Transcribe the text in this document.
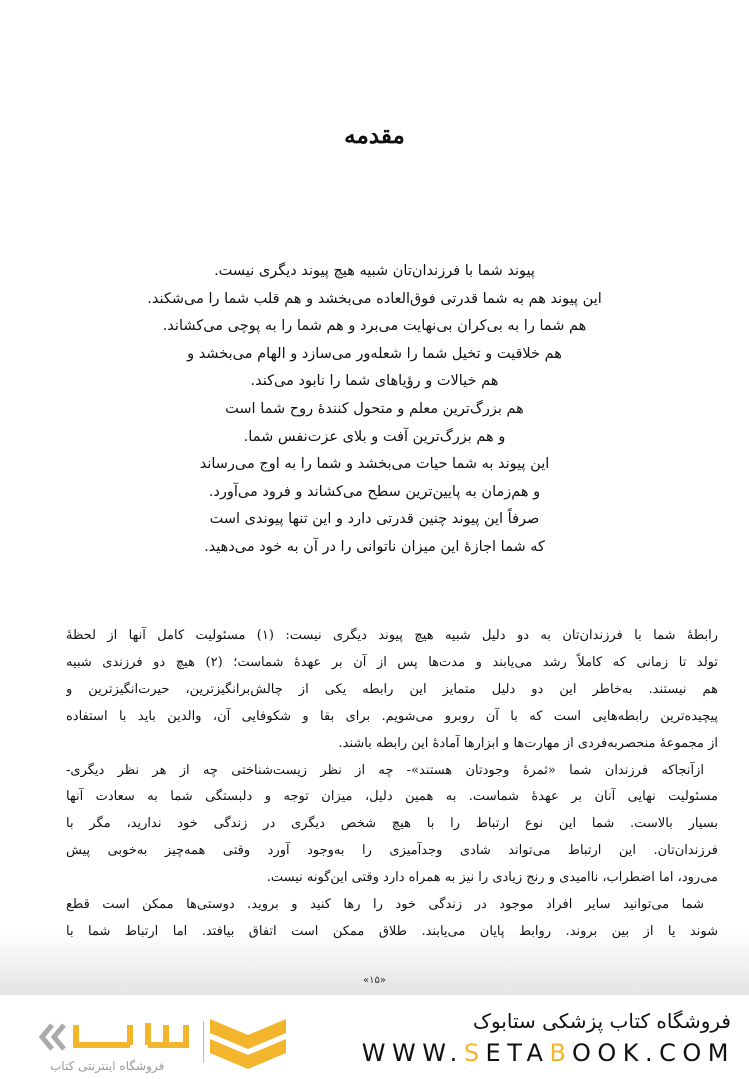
مقدمه
پیوند شما با فرزندان‌تان شبیه هیچ پیوند دیگری نیست.
این پیوند هم به شما قدرتی فوق‌العاده می‌بخشد و هم قلب شما را می‌شکند.
هم شما را به بی‌کران بی‌نهایت می‌برد و هم شما را به پوچی می‌کشاند.
هم خلاقیت و تخیل شما را شعله‌ور می‌سازد و الهام می‌بخشد و
هم خیالات و رؤیاهای شما را نابود می‌کند.
هم بزرگ‌ترین معلم و متحول کنندهٔ روح شما است
و هم بزرگ‌ترین آفت و بلای عزت‌نفس شما.
این پیوند به شما حیات می‌بخشد و شما را به اوج می‌رساند
و هم‌زمان به پایین‌ترین سطح می‌کشاند و فرود می‌آورد.
صرفاً این پیوند چنین قدرتی دارد و این تنها پیوندی است
که شما اجازهٔ این میزان ناتوانی را در آن به خود می‌دهید.
رابطهٔ شما با فرزندان‌تان به دو دلیل شبیه هیچ پیوند دیگری نیست: (۱) مسئولیت کامل آنها از لحظهٔ
تولد تا زمانی که کاملاً رشد می‌یابند و مدت‌ها پس از آن بر عهدهٔ شماست؛ (۲) هیچ دو فرزندی شبیه
هم نیستند. به‌خاطر این دو دلیل متمایز این رابطه یکی از چالش‌برانگیزترین، حیرت‌انگیزترین و
پیچیده‌ترین رابطه‌هایی است که با آن روبرو می‌شویم. برای بقا و شکوفایی آن، والدین باید با استفاده
از مجموعهٔ منحصربه‌فردی از مهارت‌ها و ابزارها آمادهٔ این رابطه باشند.
ازآنجاکه فرزندان شما «ثمرهٔ وجودتان هستند»- چه از نظر زیست‌شناختی چه از هر نظر دیگری-
مسئولیت نهایی آنان بر عهدهٔ شماست. به همین دلیل، میزان توجه و دلبستگی شما به سعادت آنها
بسیار بالاست. شما این نوع ارتباط را با هیچ شخص دیگری در زندگی خود ندارید، مگر با
فرزندان‌تان. این ارتباط می‌تواند شادی وجدآمیزی را به‌وجود آورد وقتی همه‌چیز به‌خوبی پیش
می‌رود، اما اضطراب، ناامیدی و رنج زیادی را نیز به همراه دارد وقتی این‌گونه نیست.
شما می‌توانید سایر افراد موجود در زندگی خود را رها کنید و بروید. دوستی‌ها ممکن است قطع
شوند یا از بین بروند. روابط پایان می‌یابند. طلاق ممکن است اتفاق بیافتد. اما ارتباط شما با
«۱۵»
فروشگاه اینترنتی کتاب
فروشگاه کتاب پزشکی ستابوک
WWW.SETABOOK.COM
